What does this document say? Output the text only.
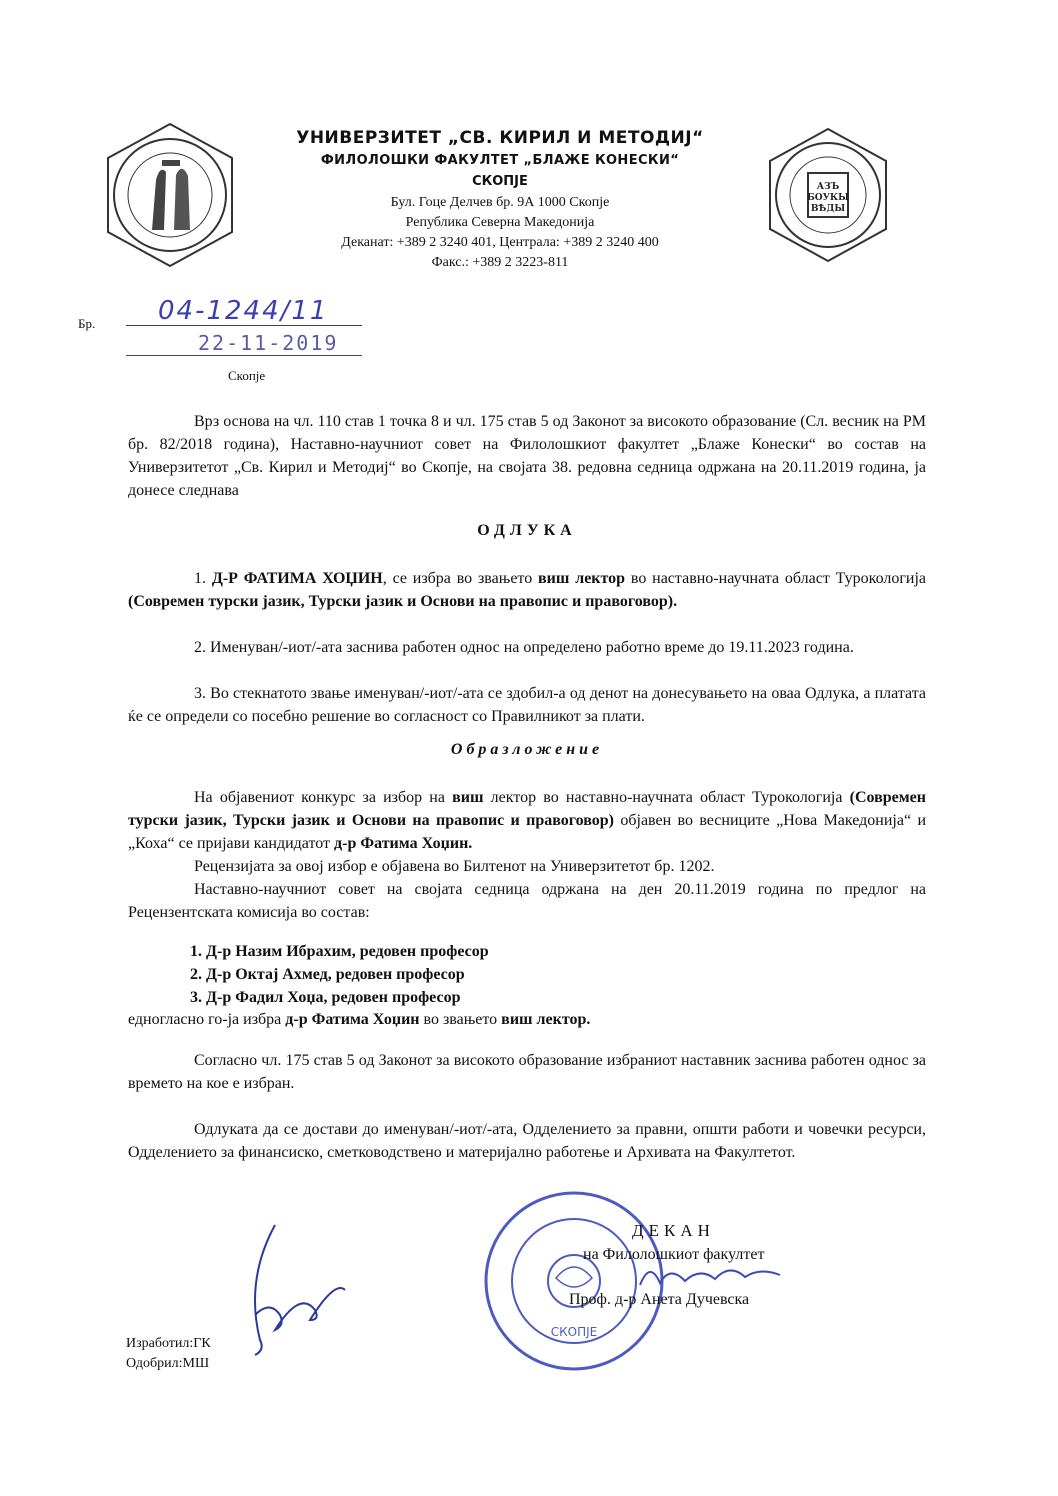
АЗЪ
БОУКЫ
ВѢДЫ
УНИВЕРЗИТЕТ „СВ. КИРИЛ И МЕТОДИЈ“
ФИЛОЛОШКИ ФАКУЛТЕТ „БЛАЖЕ КОНЕСКИ“
СКОПЈЕ
Бул. Гоце Делчев бр. 9А 1000 Скопје
Република Северна Македонија
Деканат: +389 2 3240 401, Централа: +389 2 3240 400
Факс.: +389 2 3223-811
Бр. 04-1244/11
22-11-2019
Скопје
Врз основа на чл. 110 став 1 точка 8 и чл. 175 став 5 од Законот за високото образование (Сл. весник на РМ бр. 82/2018 година), Наставно-научниот совет на Филолошкиот факултет „Блаже Конески“ во состав на Универзитетот „Св. Кирил и Методиј“ во Скопје, на својата 38. редовна седница одржана на 20.11.2019 година, ја донесе следнава
ОДЛУКА
1. Д-Р ФАТИМА ХОЏИН, се избра во звањето виш лектор во наставно-научната област Турокологија (Современ турски јазик, Турски јазик и Основи на правопис и правоговор).
2. Именуван/-иот/-ата заснива работен однос на определено работно време до 19.11.2023 година.
3. Во стекнатото звање именуван/-иот/-ата се здобил-а од денот на донесувањето на оваа Одлука, а платата ќе се определи со посебно решение во согласност со Правилникот за плати.
Образложение
На објавениот конкурс за избор на виш лектор во наставно-научната област Турокологија (Современ турски јазик, Турски јазик и Основи на правопис и правоговор) објавен во весниците „Нова Македонија“ и „Коха“ се пријави кандидатот д-р Фатима Хоџин.
Рецензијата за овој избор е објавена во Билтенот на Универзитетот бр. 1202.
Наставно-научниот совет на својата седница одржана на ден 20.11.2019 година по предлог на Рецензентската комисија во состав:
1. Д-р Назим Ибрахим, редовен професор
2. Д-р Октај Ахмед, редовен професор
3. Д-р Фадил Хоџа, редовен професор
едногласно го-ја избра д-р Фатима Хоџин во звањето виш лектор.
Согласно чл. 175 став 5 од Законот за високото образование избраниот наставник заснива работен однос за времето на кое е избран.
Одлуката да се достави до именуван/-иот/-ата, Одделението за правни, општи работи и човечки ресурси, Одделението за финансиско, сметководствено и материјално работење и Архивата на Факултетот.
Изработил:ГК
Одобрил:МШ
СКОПЈЕ
ДЕКАН
на Филолошкиот факултет
Проф. д-р Анета Дучевска
